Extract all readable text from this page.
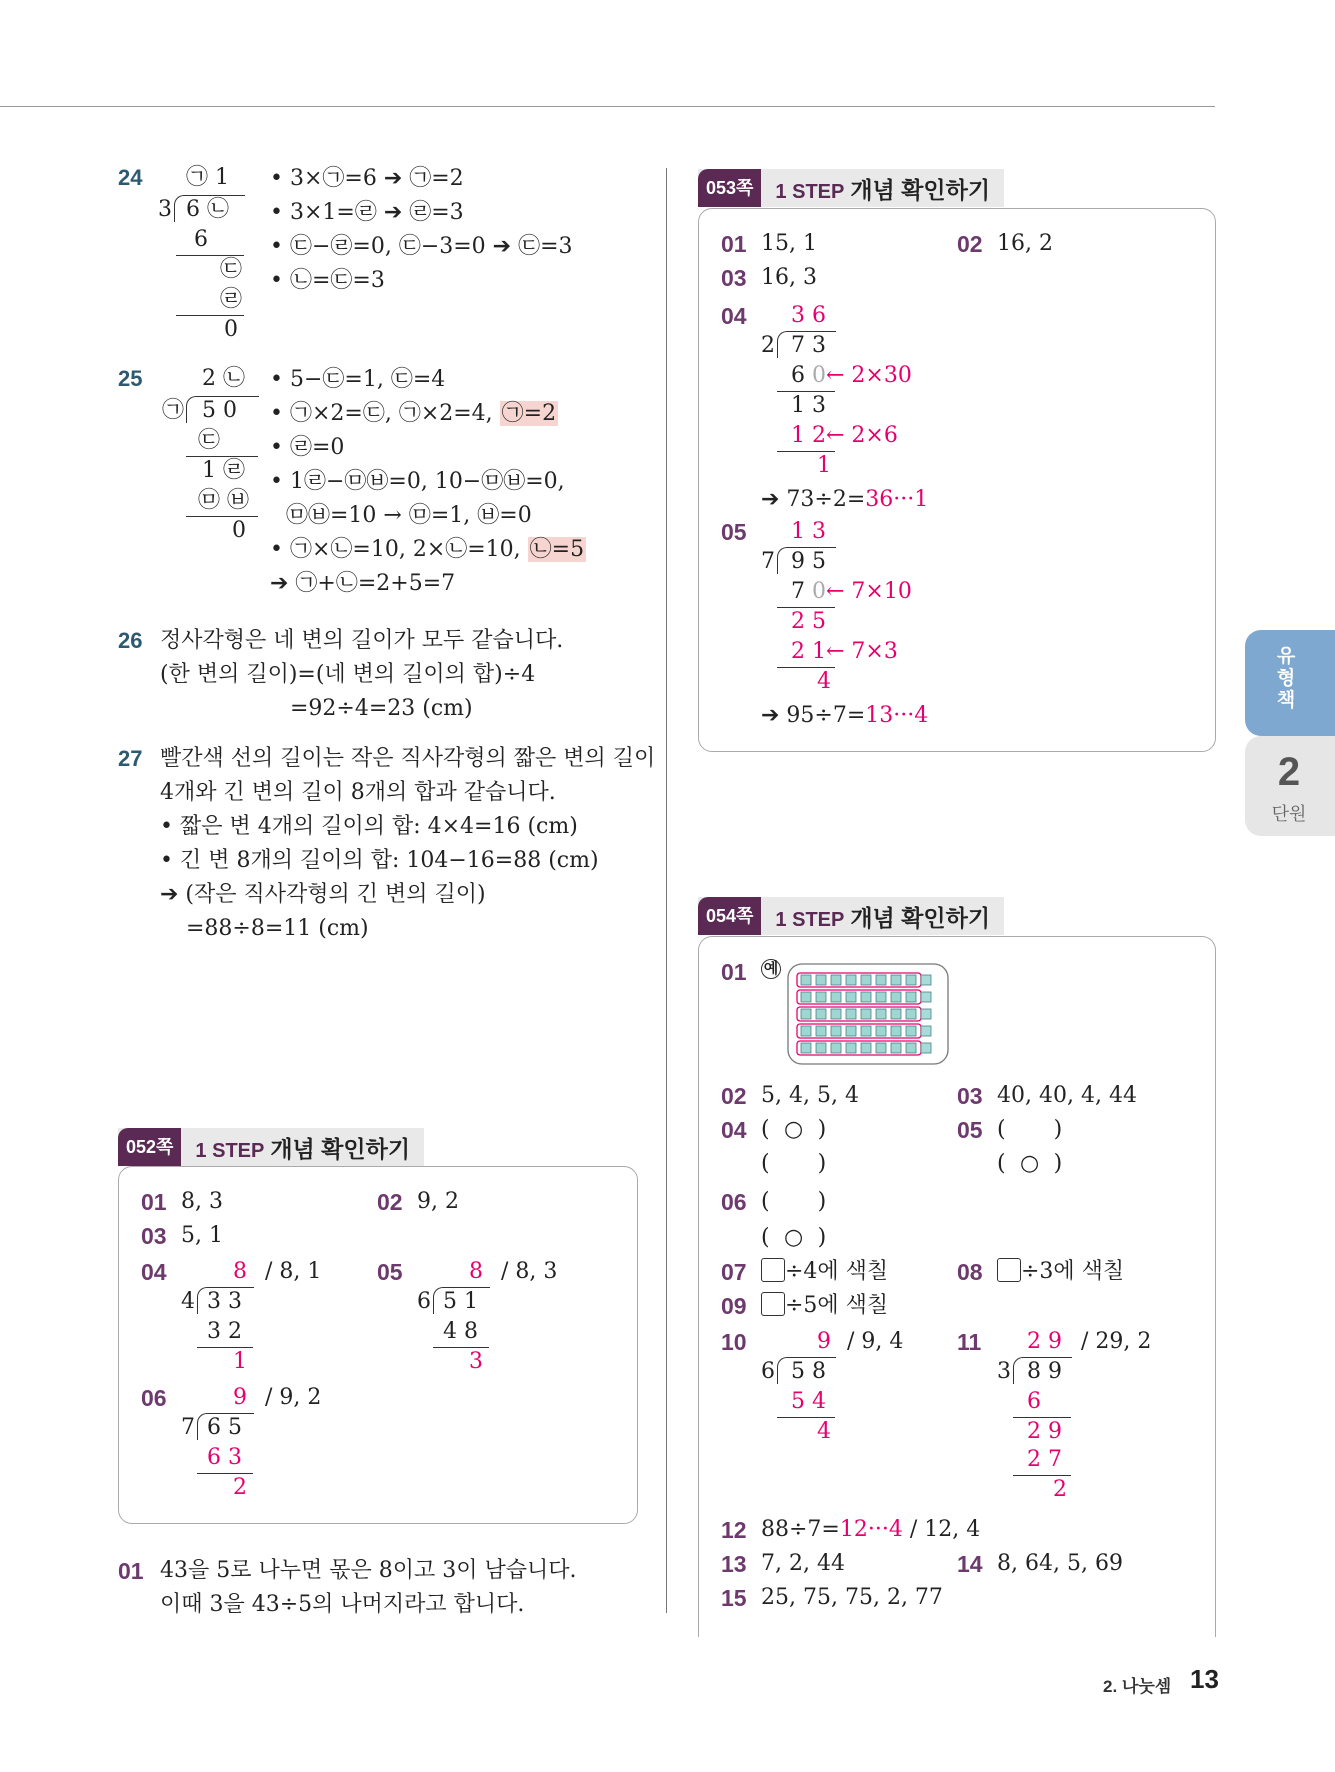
24 ㉠ 1
3 6 ㉡
6
㉢
㉣
0
• 3×㉠=6 ➔ ㉠=2
• 3×1=㉣ ➔ ㉣=3
• ㉢−㉣=0, ㉢−3=0 ➔ ㉢=3
• ㉡=㉢=3
25	2 ㉡
㉠ 5 0
㉢
1 ㉣
㉤ ㉥
0
• 5−㉢=1, ㉢=4
• ㉠×2=㉢, ㉠×2=4, ㉠=2
• ㉣=0
• 1㉣−㉤㉥=0, 10−㉤㉥=0,
㉤㉥=10 → ㉤=1, ㉥=0
• ㉠×㉡=10, 2×㉡=10, ㉡=5
➔ ㉠+㉡=2+5=7
26 정사각형은 네 변의 길이가 모두 같습니다.
(한 변의 길이)=(네 변의 길이의 합)÷4
=92÷4=23 (cm)
27 빨간색 선의 길이는 작은 직사각형의 짧은 변의 길이
4개와 긴 변의 길이 8개의 합과 같습니다.
• 짧은 변 4개의 길이의 합: 4×4=16 (cm)
• 긴 변 8개의 길이의 합: 104−16=88 (cm)
➔ (작은 직사각형의 긴 변의 길이)
=88÷8=11 (cm)
052쪽	1 STEP 개념 확인하기
01 8, 3	02 9, 2
03 5, 1
04	8 / 8, 1
4 3 3
3 2
1
05	8 / 8, 3
6 5 1
4 8
3
06	9 / 9, 2
7 6 5
6 3
2
01 43을 5로 나누면 몫은 8이고 3이 남습니다.
이때 3을 43÷5의 나머지라고 합니다.
053쪽	1 STEP 개념 확인하기
01 15, 1	02 16, 2
03 16, 3
04 3 6
2 7 3
6 0← 2×30
1 3
1 2← 2×6
1
➔ 73÷2=36···1
05 1 3
7 9 5
7 0← 7×10
2 5
2 1← 7×3
4
➔ 95÷7=13···4
054쪽	1 STEP 개념 확인하기
01 예
02 5, 4, 5, 4	03 40, 40, 4, 44
04 ( ○ )
( )
05 ( )
( ○ )
06 ( )
( ○ )
07	÷4에 색칠	08	÷3에 색칠
09	÷5에 색칠
10	9 / 9, 4
6 5 8
5 4
4
11 2 9 / 29, 2
3 8 9
6
2 9
2 7
2
12 88÷7=12···4 / 12, 4
13 7, 2, 44	14 8, 64, 5, 69
15 25, 75, 75, 2, 77
유형책
2
단원
2. 나눗셈 13
